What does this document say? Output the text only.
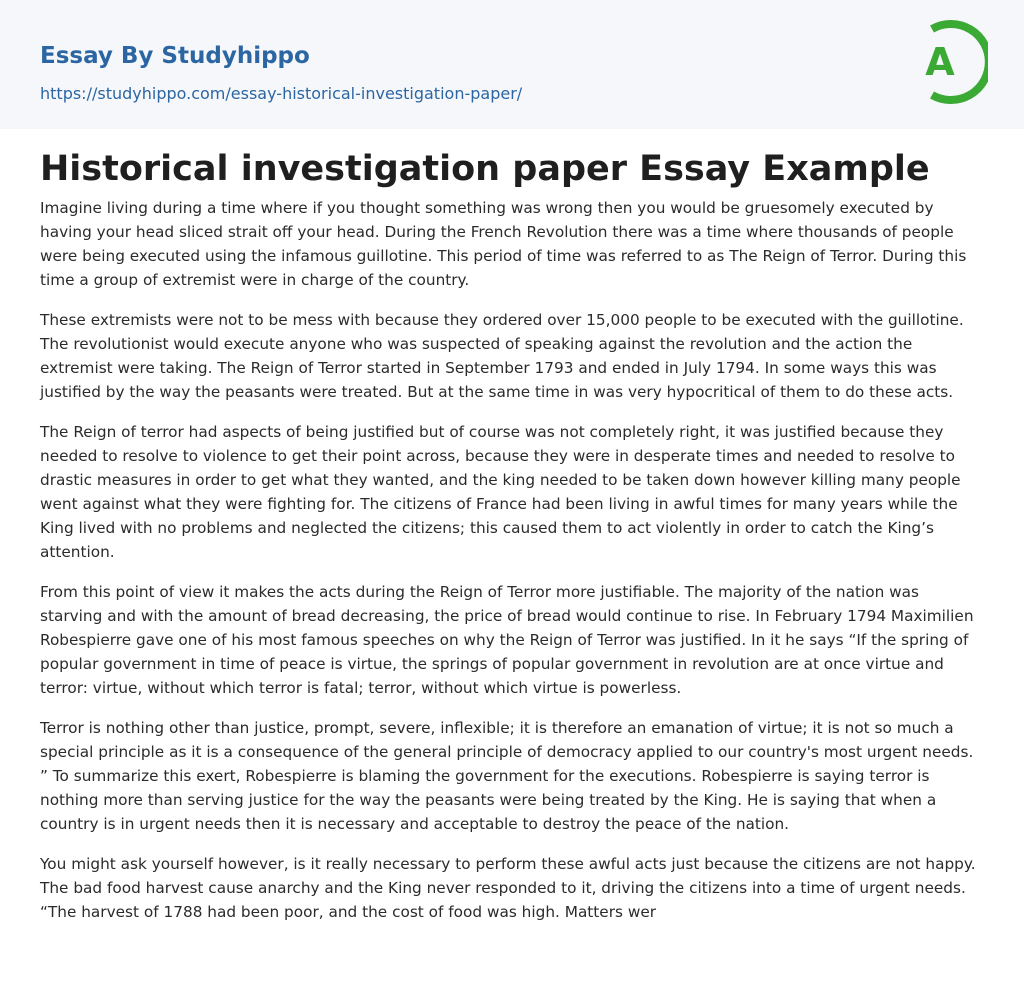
Essay By Studyhippo
https://studyhippo.com/essay-historical-investigation-paper/
A
Historical investigation paper Essay Example

Imagine living during a time where if you thought something was wrong then you would be gruesomely executed by having your head sliced strait off your head. During the French Revolution there was a time where thousands of people were being executed using the infamous guillotine. This period of time was referred to as The Reign of Terror. During this time a group of extremist were in charge of the country.

These extremists were not to be mess with because they ordered over 15,000 people to be executed with the guillotine. The revolutionist would execute anyone who was suspected of speaking against the revolution and the action the extremist were taking. The Reign of Terror started in September 1793 and ended in July 1794. In some ways this was justified by the way the peasants were treated. But at the same time in was very hypocritical of them to do these acts.

The Reign of terror had aspects of being justified but of course was not completely right, it was justified because they needed to resolve to violence to get their point across, because they were in desperate times and needed to resolve to drastic measures in order to get what they wanted, and the king needed to be taken down however killing many people went against what they were fighting for. The citizens of France had been living in awful times for many years while the King lived with no problems and neglected the citizens; this caused them to act violently in order to catch the King’s attention.

From this point of view it makes the acts during the Reign of Terror more justifiable. The majority of the nation was starving and with the amount of bread decreasing, the price of bread would continue to rise. In February 1794 Maximilien Robespierre gave one of his most famous speeches on why the Reign of Terror was justified. In it he says “If the spring of popular government in time of peace is virtue, the springs of popular government in revolution are at once virtue and terror: virtue, without which terror is fatal; terror, without which virtue is powerless.

Terror is nothing other than justice, prompt, severe, inflexible; it is therefore an emanation of virtue; it is not so much a special principle as it is a consequence of the general principle of democracy applied to our country's most urgent needs. ” To summarize this exert, Robespierre is blaming the government for the executions. Robespierre is saying terror is nothing more than serving justice for the way the peasants were being treated by the King. He is saying that when a country is in urgent needs then it is necessary and acceptable to destroy the peace of the nation.

You might ask yourself however, is it really necessary to perform these awful acts just because the citizens are not happy. The bad food harvest cause anarchy and the King never responded to it, driving the citizens into a time of urgent needs. “The harvest of 1788 had been poor, and the cost of food was high. Matters wer
